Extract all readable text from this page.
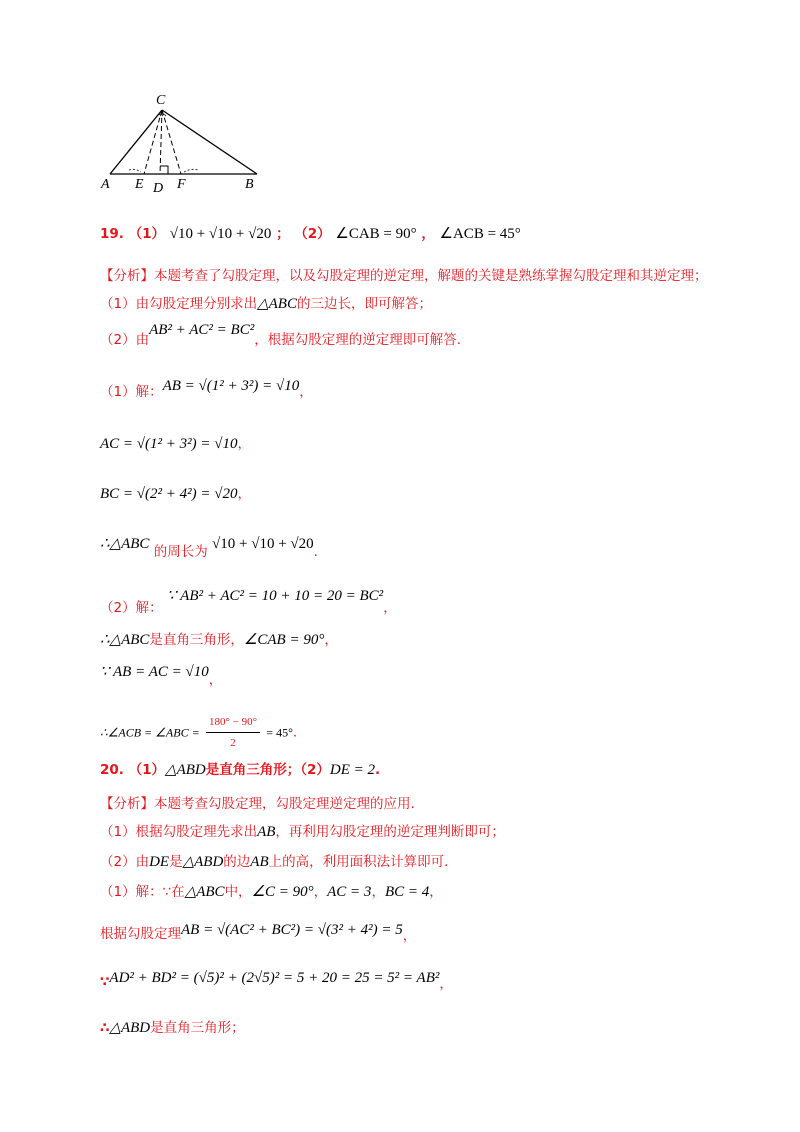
C
A E D F	B
19. （1） √10 + √10 + √20 ； （2） ∠CAB = 90° ， ∠ACB = 45°
【分析】本题考查了勾股定理，以及勾股定理的逆定理，解题的关键是熟练掌握勾股定理和其逆定理；
（1）由勾股定理分别求出△ABC的三边长，即可解答；
（2）由AB² + AC² = BC²，根据勾股定理的逆定理即可解答.
（1）解：AB = √(1² + 3²) = √10，
AC = √(1² + 3²) = √10，
BC = √(2² + 4²) = √20，
∴△ABC 的周长为 √10 + √10 + √20.
（2）解： ∵ AB² + AC² = 10 + 10 = 20 = BC²，
∴△ABC是直角三角形，∠CAB = 90°，
∵ AB = AC = √10，
∴∠ACB = ∠ABC = $\frac{180^\circ - 90^\circ}{2} = 45^\circ$.
20. （1）△ABD是直角三角形；（2）DE = 2.
【分析】本题考查勾股定理，勾股定理逆定理的应用.
（1）根据勾股定理先求出AB，再利用勾股定理的逆定理判断即可；
（2）由DE是△ABD的边AB上的高，利用面积法计算即可.
（1）解：∵在△ABC中，∠C = 90°，AC = 3，BC = 4，
根据勾股定理AB = √(AC² + BC²) = √(3² + 4²) = 5，
∵AD² + BD² = (√5)² + (2√5)² = 5 + 20 = 25 = 5² = AB²，
∴△ABD是直角三角形；
